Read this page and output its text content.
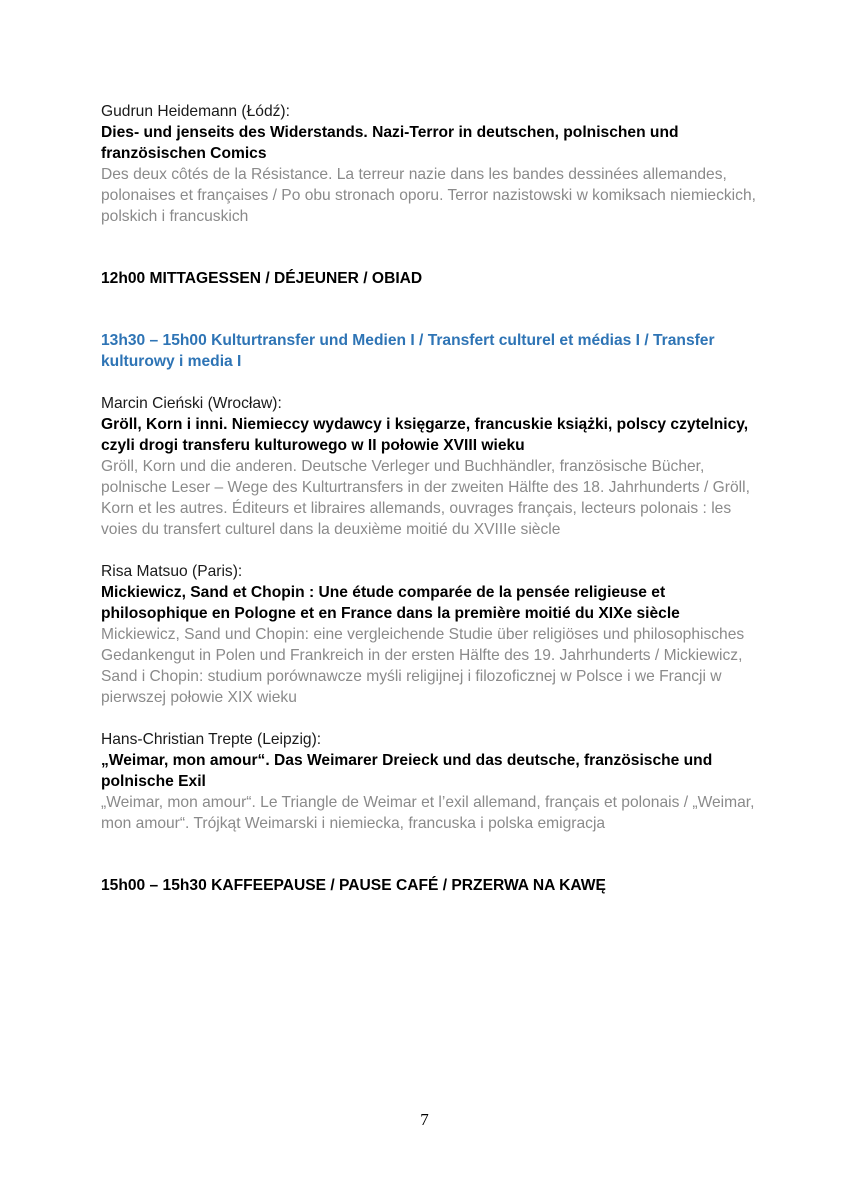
Gudrun Heidemann (Łódź):
Dies- und jenseits des Widerstands. Nazi-Terror in deutschen, polnischen und französischen Comics
Des deux côtés de la Résistance. La terreur nazie dans les bandes dessinées allemandes, polonaises et françaises / Po obu stronach oporu. Terror nazistowski w komiksach niemieckich, polskich i francuskich
12h00 MITTAGESSEN / DÉJEUNER / OBIAD
13h30 – 15h00 Kulturtransfer und Medien I / Transfert culturel et médias I / Transfer kulturowy i media I
Marcin Cieński (Wrocław):
Gröll, Korn i inni. Niemieccy wydawcy i księgarze, francuskie książki, polscy czytelnicy, czyli drogi transferu kulturowego w II połowie XVIII wieku
Gröll, Korn und die anderen. Deutsche Verleger und Buchhändler, französische Bücher, polnische Leser – Wege des Kulturtransfers in der zweiten Hälfte des 18. Jahrhunderts / Gröll, Korn et les autres. Éditeurs et libraires allemands, ouvrages français, lecteurs polonais : les voies du transfert culturel dans la deuxième moitié du XVIIIe siècle
Risa Matsuo (Paris):
Mickiewicz, Sand et Chopin : Une étude comparée de la pensée religieuse et philosophique en Pologne et en France dans la première moitié du XIXe siècle
Mickiewicz, Sand und Chopin: eine vergleichende Studie über religiöses und philosophisches Gedankengut in Polen und Frankreich in der ersten Hälfte des 19. Jahrhunderts / Mickiewicz, Sand i Chopin: studium porównawcze myśli religijnej i filozoficznej w Polsce i we Francji w pierwszej połowie XIX wieku
Hans-Christian Trepte (Leipzig):
„Weimar, mon amour“. Das Weimarer Dreieck und das deutsche, französische und polnische Exil
„Weimar, mon amour“. Le Triangle de Weimar et l’exil allemand, français et polonais / „Weimar, mon amour“. Trójkąt Weimarski i niemiecka, francuska i polska emigracja
15h00 – 15h30 KAFFEEPAUSE / PAUSE CAFÉ / PRZERWA NA KAWĘ
7
